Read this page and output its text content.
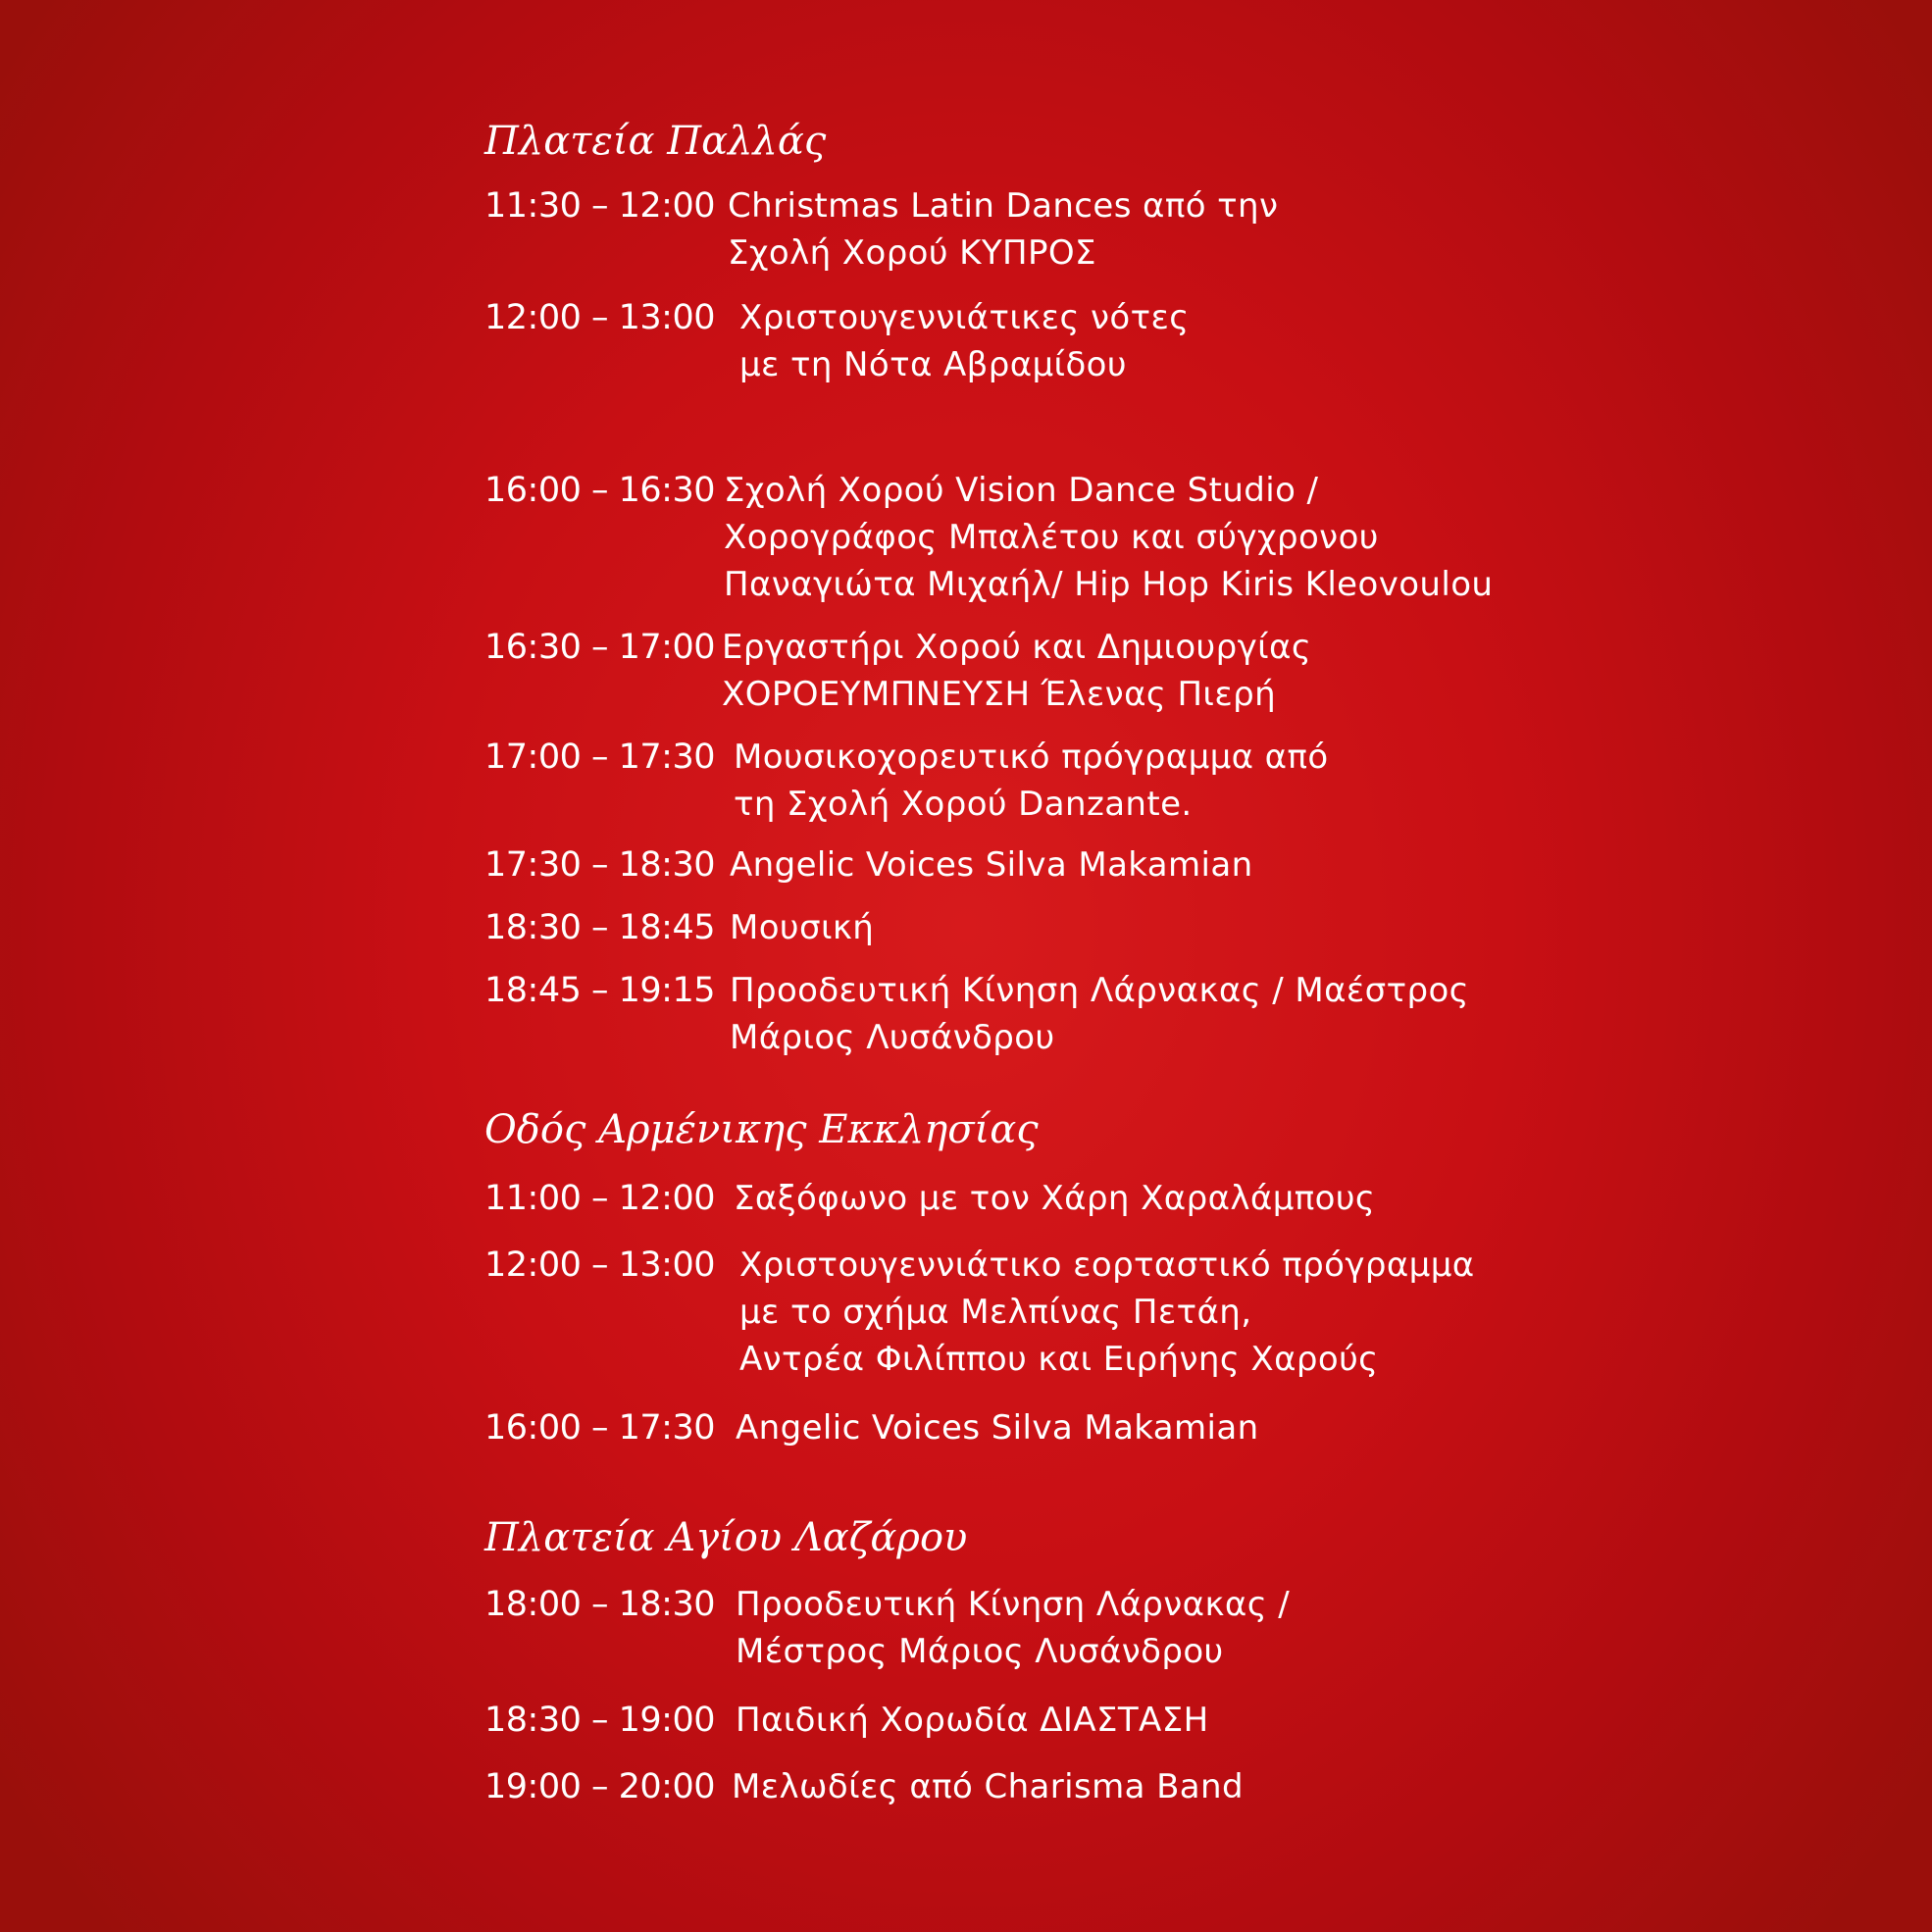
Πλατεία Παλλάς
11:30 – 12:00 Christmas Latin Dances από την
Σχολή Χορού ΚΥΠΡΟΣ
12:00 – 13:00 Χριστουγεννιάτικες νότες
με τη Νότα Αβραμίδου
16:00 – 16:30 Σχολή Χορού Vision Dance Studio /
Χορογράφος Μπαλέτου και σύγχρονου
Παναγιώτα Μιχαήλ/ Hip Hop Kiris Kleovoulou
16:30 – 17:00 Εργαστήρι Χορού και Δημιουργίας
ΧΟΡΟΕΥΜΠΝΕΥΣΗ Έλενας Πιερή
17:00 – 17:30 Μουσικοχορευτικό πρόγραμμα από
τη Σχολή Χορού Danzante.
17:30 – 18:30 Angelic Voices Silva Makamian
18:30 – 18:45 Μουσική
18:45 – 19:15 Προοδευτική Κίνηση Λάρνακας / Μαέστρος
Μάριος Λυσάνδρου
Οδός Αρμένικης Εκκλησίας
11:00 – 12:00 Σαξόφωνο με τον Χάρη Χαραλάμπους
12:00 – 13:00 Χριστουγεννιάτικο εορταστικό πρόγραμμα
με το σχήμα Μελπίνας Πετάη,
Αντρέα Φιλίππου και Ειρήνης Χαρούς
16:00 – 17:30 Angelic Voices Silva Makamian
Πλατεία Αγίου Λαζάρου
18:00 – 18:30 Προοδευτική Κίνηση Λάρνακας /
Μέστρος Μάριος Λυσάνδρου
18:30 – 19:00 Παιδική Χορωδία ΔΙΑΣΤΑΣΗ
19:00 – 20:00 Μελωδίες από Charisma Band
